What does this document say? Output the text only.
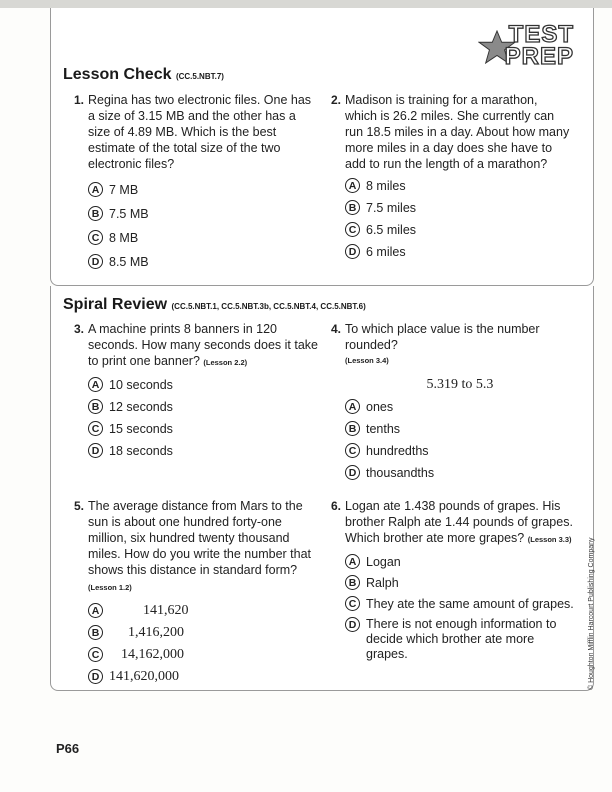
TEST
PREP
Lesson Check (CC.5.NBT.7)
1. Regina has two electronic files. One has a size of 3.15 MB and the other has a size of 4.89 MB. Which is the best estimate of the total size of the two electronic files?
A 7 MB
B 7.5 MB
C 8 MB
D 8.5 MB
2. Madison is training for a marathon, which is 26.2 miles. She currently can run 18.5 miles in a day. About how many more miles in a day does she have to add to run the length of a marathon?
A 8 miles
B 7.5 miles
C 6.5 miles
D 6 miles
Spiral Review (CC.5.NBT.1, CC.5.NBT.3b, CC.5.NBT.4, CC.5.NBT.6)
3. A machine prints 8 banners in 120 seconds. How many seconds does it take to print one banner? (Lesson 2.2)
A 10 seconds
B 12 seconds
C 15 seconds
D 18 seconds
4. To which place value is the number rounded?
(Lesson 3.4)
5.319 to 5.3
A ones
B tenths
C hundredths
D thousandths
5. The average distance from Mars to the sun is about one hundred forty-one million, six hundred twenty thousand miles. How do you write the number that shows this distance in standard form? (Lesson 1.2)
A	141,620
B	1,416,200
C	14,162,000
D 141,620,000
6. Logan ate 1.438 pounds of grapes. His brother Ralph ate 1.44 pounds of grapes. Which brother ate more grapes? (Lesson 3.3)
A Logan
B Ralph
C They ate the same amount of grapes.
D There is not enough information to decide which brother ate more grapes.
P66
© Houghton Mifflin Harcourt Publishing Company
